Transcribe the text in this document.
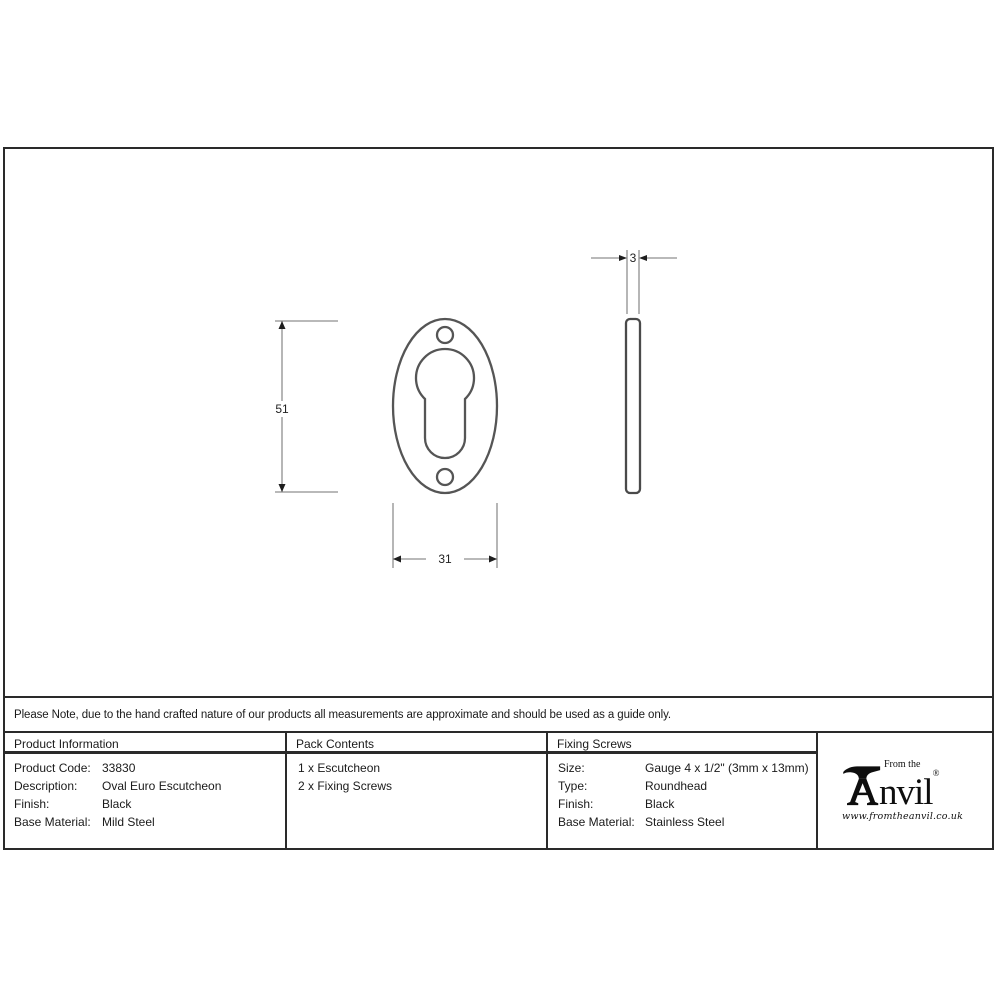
51
31
3
Please Note, due to the hand crafted nature of our products all measurements are approximate and should be used as a guide only.
Product Information
Product Code: 33830
Description:	Oval Euro Escutcheon
Finish:	Black
Base Material: Mild Steel
Pack Contents
1 x Escutcheon
2 x Fixing Screws
Fixing Screws
Size:	Gauge 4 x 1/2" (3mm x 13mm)
Type:	Roundhead
Finish:	Black
Base Material: Stainless Steel
From the
nvil®
www.fromtheanvil.co.uk
